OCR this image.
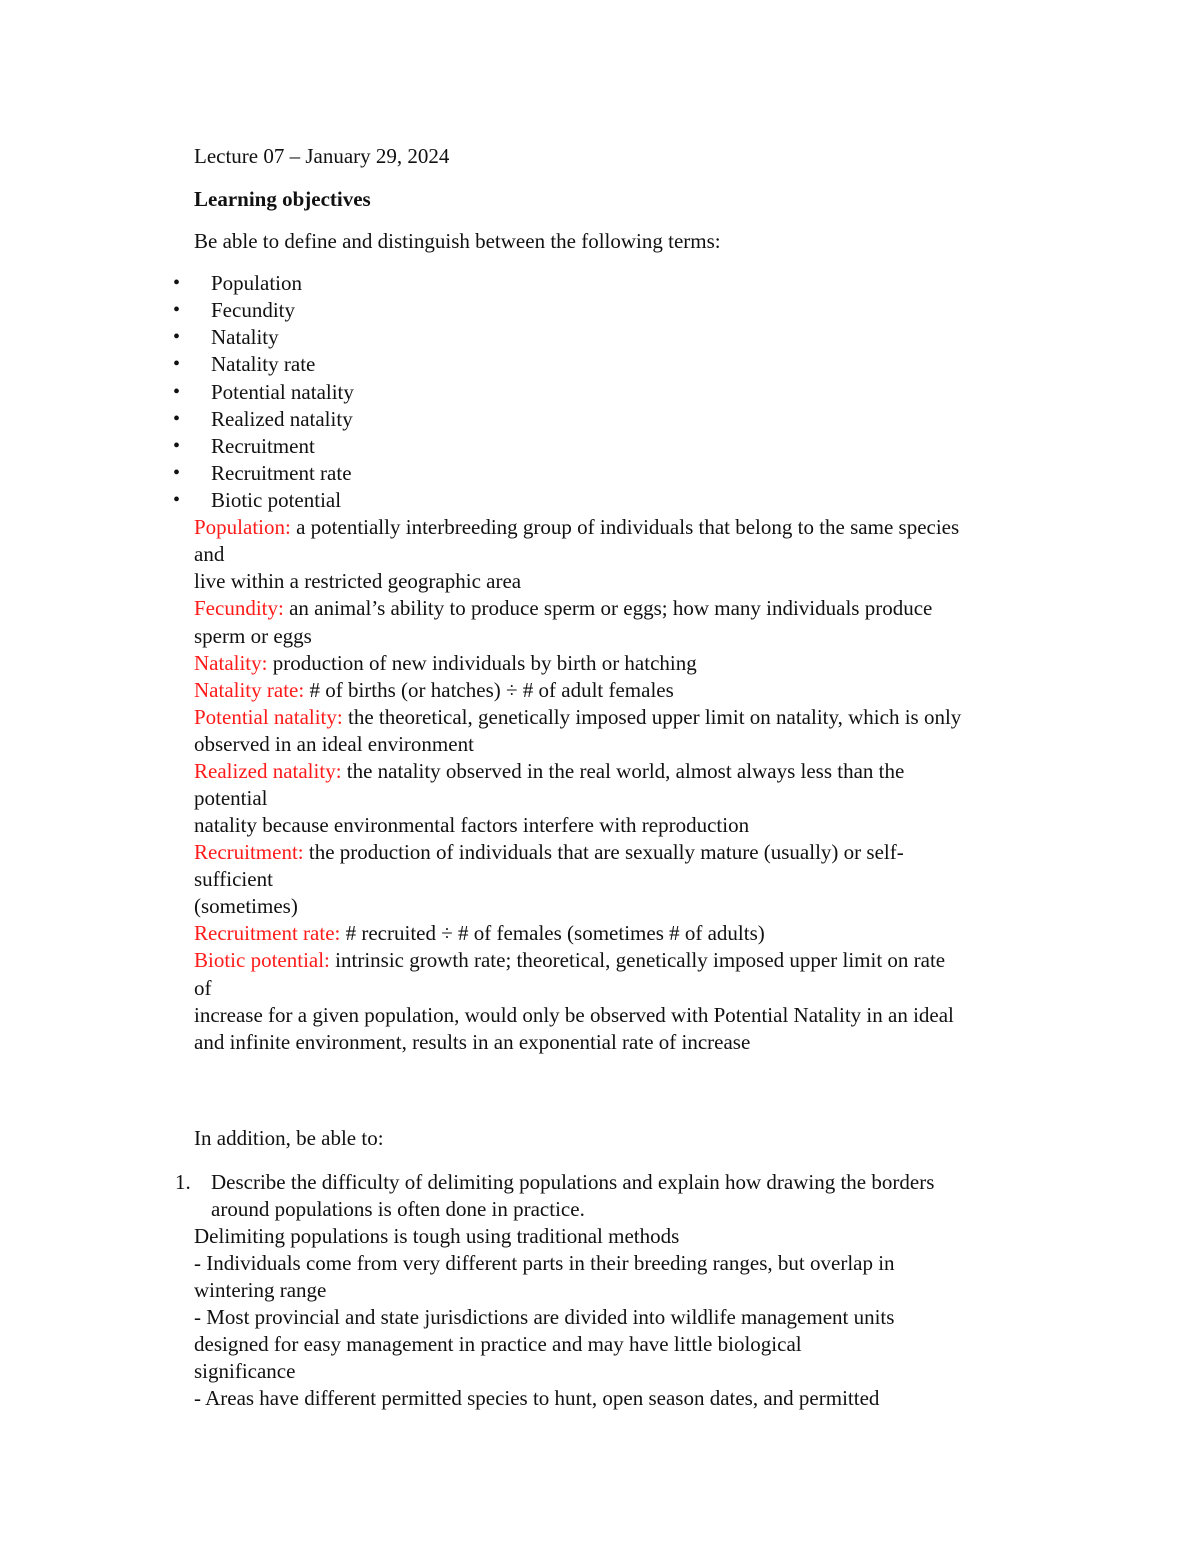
Lecture 07 – January 29, 2024
Learning objectives
Be able to define and distinguish between the following terms:
• Population
• Fecundity
• Natality
• Natality rate
• Potential natality
• Realized natality
• Recruitment
• Recruitment rate
• Biotic potential
Population: a potentially interbreeding group of individuals that belong to the same species
and
live within a restricted geographic area
Fecundity: an animal’s ability to produce sperm or eggs; how many individuals produce
sperm or eggs
Natality: production of new individuals by birth or hatching
Natality rate: # of births (or hatches) ÷ # of adult females
Potential natality: the theoretical, genetically imposed upper limit on natality, which is only
observed in an ideal environment
Realized natality: the natality observed in the real world, almost always less than the
potential
natality because environmental factors interfere with reproduction
Recruitment: the production of individuals that are sexually mature (usually) or self-
sufficient
(sometimes)
Recruitment rate: # recruited ÷ # of females (sometimes # of adults)
Biotic potential: intrinsic growth rate; theoretical, genetically imposed upper limit on rate
of
increase for a given population, would only be observed with Potential Natality in an ideal
and infinite environment, results in an exponential rate of increase
In addition, be able to:
1. Describe the difficulty of delimiting populations and explain how drawing the borders
around populations is often done in practice.
Delimiting populations is tough using traditional methods
- Individuals come from very different parts in their breeding ranges, but overlap in
wintering range
- Most provincial and state jurisdictions are divided into wildlife management units
designed for easy management in practice and may have little biological
significance
- Areas have different permitted species to hunt, open season dates, and permitted
